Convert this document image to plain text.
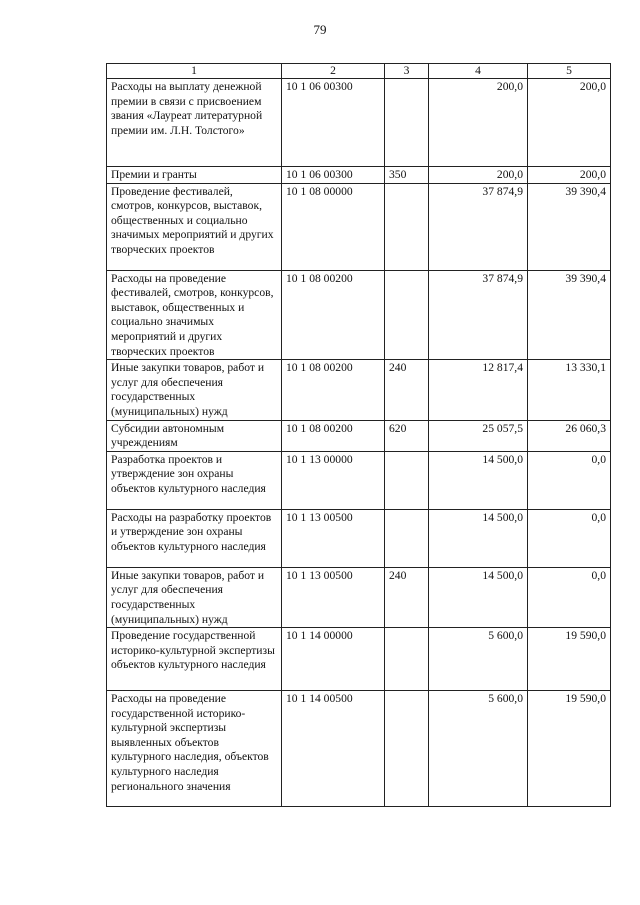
79
1	2	3	4	5
Расходы на выплату денежной премии в связи с присвоением звания «Лауреат литературной премии им. Л.Н. Толстого»	10 1 06 00300		200,0	200,0
Премии и гранты	10 1 06 00300	350	200,0	200,0
Проведение фестивалей, смотров, конкурсов, выставок, общественных и социально значимых мероприятий и других творческих проектов	10 1 08 00000		37 874,9	39 390,4
Расходы на проведение фестивалей, смотров, конкурсов, выставок, общественных и социально значимых мероприятий и других творческих проектов	10 1 08 00200		37 874,9	39 390,4
Иные закупки товаров, работ и услуг для обеспечения государственных (муниципальных) нужд	10 1 08 00200	240	12 817,4	13 330,1
Субсидии автономным учреждениям	10 1 08 00200	620	25 057,5	26 060,3
Разработка проектов и утверждение зон охраны объектов культурного наследия	10 1 13 00000		14 500,0	0,0
Расходы на разработку проектов и утверждение зон охраны объектов культурного наследия	10 1 13 00500		14 500,0	0,0
Иные закупки товаров, работ и услуг для обеспечения государственных (муниципальных) нужд	10 1 13 00500	240	14 500,0	0,0
Проведение государственной историко-культурной экспертизы объектов культурного наследия	10 1 14 00000		5 600,0	19 590,0
Расходы на проведение государственной историко-культурной экспертизы выявленных объектов культурного наследия, объектов культурного наследия регионального значения	10 1 14 00500		5 600,0	19 590,0
